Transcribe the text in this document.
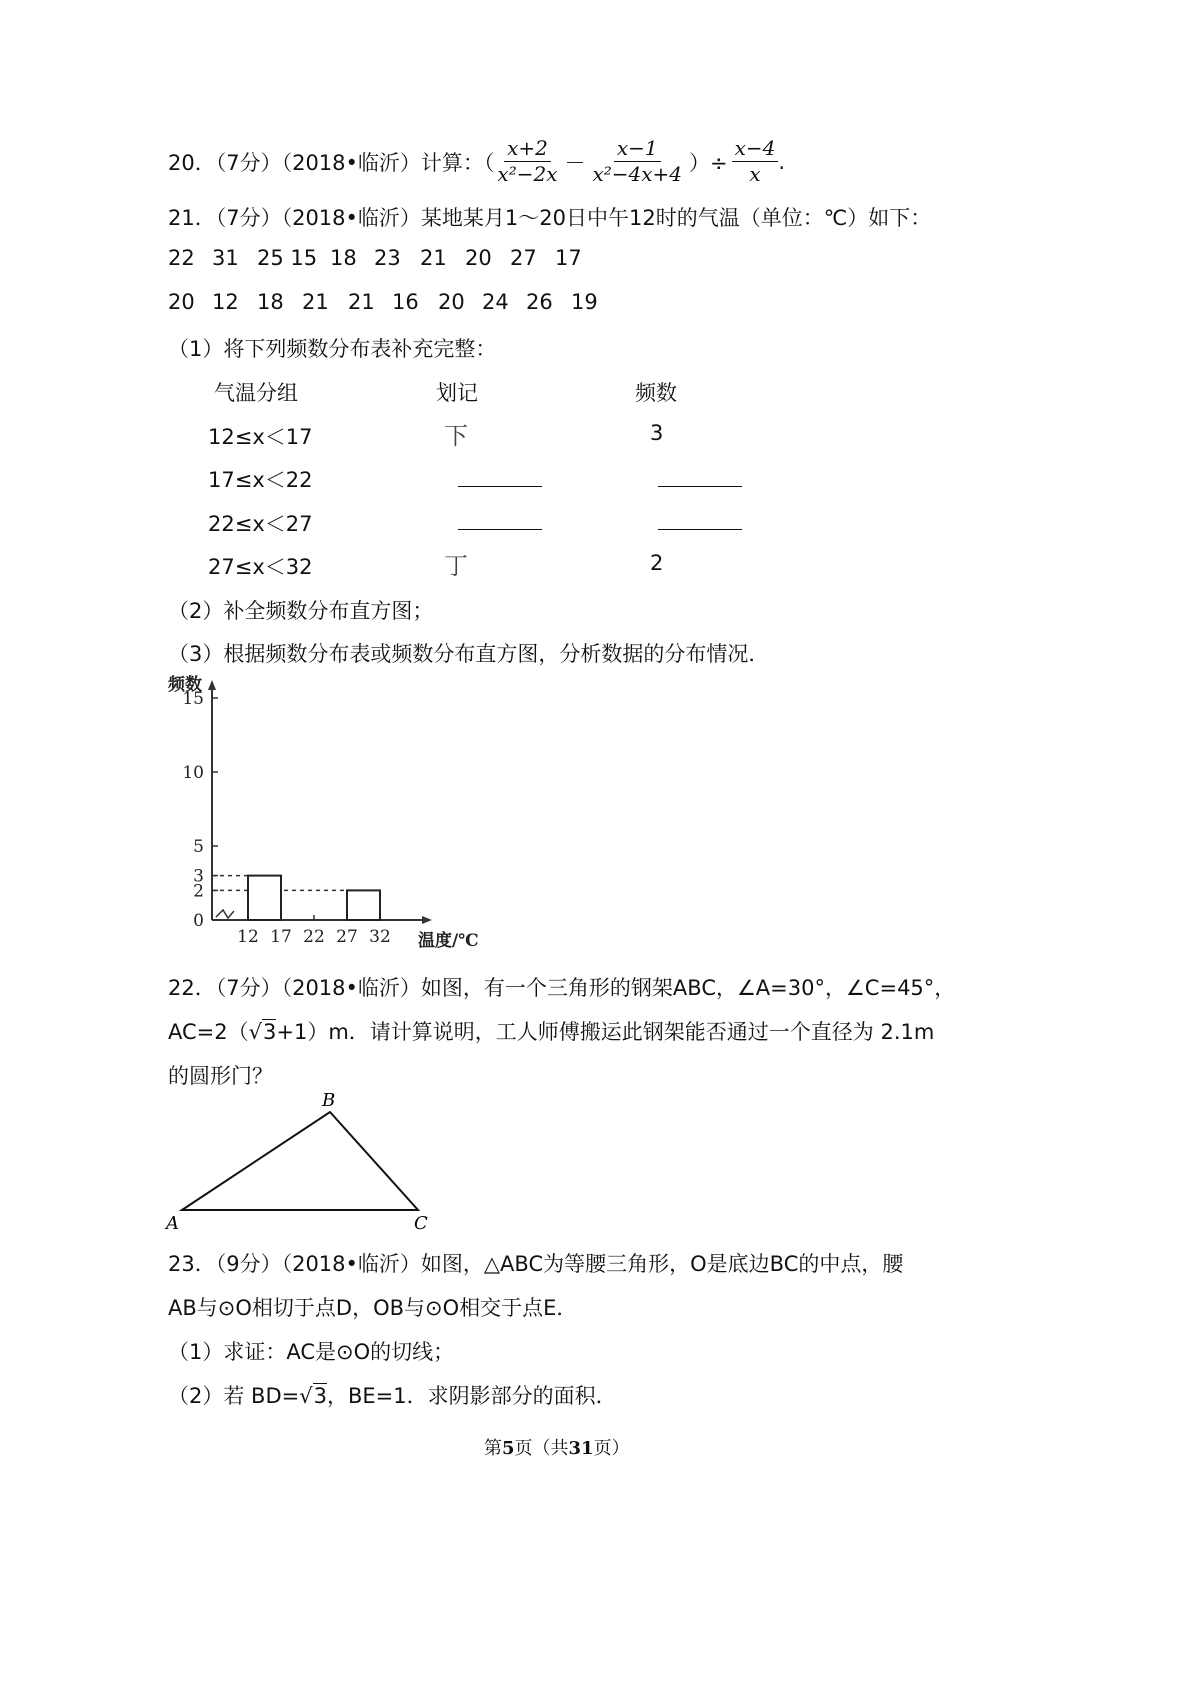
20．（7分）（2018•临沂）计算：（ $\frac{x+2}{\text{x²−2x}} - \frac{x-1}{\text{x²−4x+4}}$ ）÷ $\frac{x-4}{x}$ .
21．（7分）（2018•临沂）某地某月1～20日中午12时的气温（单位：℃）如下：
22 31 25 15 18 23 21 20 27 17
20 12 18 21 21 16 20 24 26 19
（1）将下列频数分布表补充完整：
气温分组	划记	频数
12≤x＜17	下	3
17≤x＜22
22≤x＜27
27≤x＜32	丁	2
（2）补全频数分布直方图；
（3）根据频数分布表或频数分布直方图，分析数据的分布情况．
15
10
5
3
2
0
12 17 22 27 32
频数
温度/℃
22．（7分）（2018•临沂）如图，有一个三角形的钢架ABC，∠A=30°，∠C=45°，
AC=2（√3+1）m．请计算说明，工人师傅搬运此钢架能否通过一个直径为 2.1m
的圆形门？
A
B
C
23．（9分）（2018•临沂）如图，△ABC为等腰三角形，O是底边BC的中点，腰
AB与⊙O相切于点D，OB与⊙O相交于点E．
（1）求证：AC是⊙O的切线；
（2）若 BD=√3，BE=1．求阴影部分的面积．
第5页（共31页）
